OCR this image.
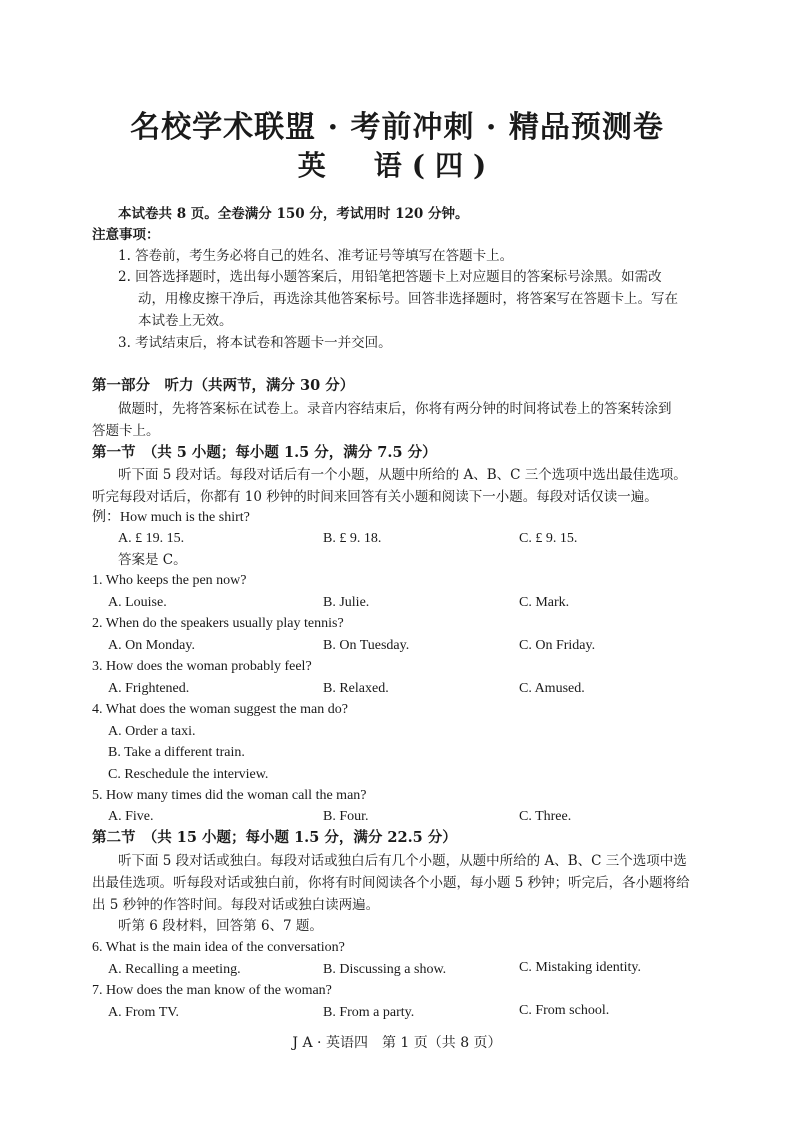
名校学术联盟 · 考前冲刺 · 精品预测卷
英　语(四)
本试卷共 8 页。全卷满分 150 分，考试用时 120 分钟。
注意事项：
1. 答卷前，考生务必将自己的姓名、准考证号等填写在答题卡上。
2. 回答选择题时，选出每小题答案后，用铅笔把答题卡上对应题目的答案标号涂黑。如需改
动，用橡皮擦干净后，再选涂其他答案标号。回答非选择题时，将答案写在答题卡上。写在
本试卷上无效。
3. 考试结束后，将本试卷和答题卡一并交回。
第一部分　听力（共两节，满分 30 分）
做题时，先将答案标在试卷上。录音内容结束后，你将有两分钟的时间将试卷上的答案转涂到
答题卡上。
第一节　（共 5 小题；每小题 1.5 分，满分 7.5 分）
听下面 5 段对话。每段对话后有一个小题，从题中所给的 A、B、C 三个选项中选出最佳选项。
听完每段对话后，你都有 10 秒钟的时间来回答有关小题和阅读下一小题。每段对话仅读一遍。
例：How much is the shirt?
A. £ 19. 15.	B. £ 9. 18.	C. £ 9. 15.
答案是 C。
1. Who keeps the pen now?
A. Louise.	B. Julie.	C. Mark.
2. When do the speakers usually play tennis?
A. On Monday.	B. On Tuesday.	C. On Friday.
3. How does the woman probably feel?
A. Frightened.	B. Relaxed.	C. Amused.
4. What does the woman suggest the man do?
A. Order a taxi.
B. Take a different train.
C. Reschedule the interview.
5. How many times did the woman call the man?
A. Five.	B. Four.	C. Three.
第二节　（共 15 小题；每小题 1.5 分，满分 22.5 分）
听下面 5 段对话或独白。每段对话或独白后有几个小题，从题中所给的 A、B、C 三个选项中选
出最佳选项。听每段对话或独白前，你将有时间阅读各个小题，每小题 5 秒钟；听完后，各小题将给
出 5 秒钟的作答时间。每段对话或独白读两遍。
听第 6 段材料，回答第 6、7 题。
6. What is the main idea of the conversation?
A. Recalling a meeting.	B. Discussing a show.	C. Mistaking identity.
7. How does the man know of the woman?
A. From TV.	B. From a party.	C. From school.
J A · 英语四　第 1 页（共 8 页）
